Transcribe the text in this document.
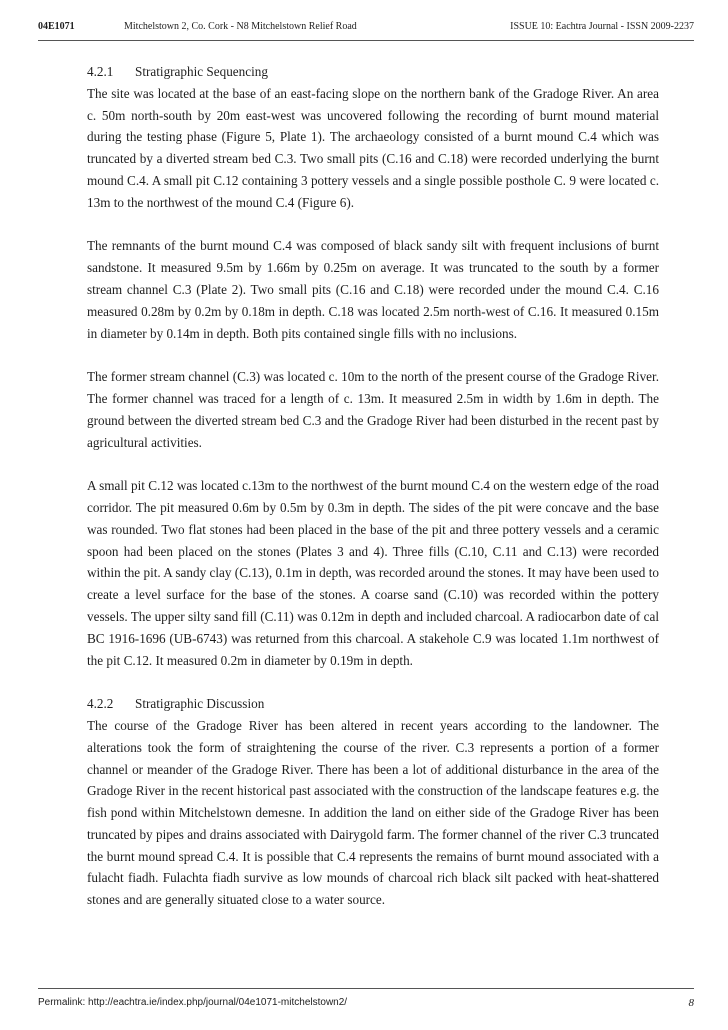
04E1071	Mitchelstown 2, Co. Cork - N8 Mitchelstown Relief Road	ISSUE 10: Eachtra Journal - ISSN 2009-2237
4.2.1 Stratigraphic Sequencing

The site was located at the base of an east-facing slope on the northern bank of the Gradoge River. An area c. 50m north-south by 20m east-west was uncovered following the recording of burnt mound material during the testing phase (Figure 5, Plate 1). The archaeology consisted of a burnt mound C.4 which was truncated by a diverted stream bed C.3. Two small pits (C.16 and C.18) were recorded underlying the burnt mound C.4. A small pit C.12 containing 3 pottery vessels and a single possible posthole C. 9 were located c. 13m to the northwest of the mound C.4 (Figure 6).

The remnants of the burnt mound C.4 was composed of black sandy silt with frequent inclusions of burnt sandstone. It measured 9.5m by 1.66m by 0.25m on average. It was truncated to the south by a former stream channel C.3 (Plate 2). Two small pits (C.16 and C.18) were recorded under the mound C.4. C.16 measured 0.28m by 0.2m by 0.18m in depth. C.18 was located 2.5m north-west of C.16. It measured 0.15m in diameter by 0.14m in depth. Both pits contained single fills with no inclusions.

The former stream channel (C.3) was located c. 10m to the north of the present course of the Gradoge River. The former channel was traced for a length of c. 13m. It measured 2.5m in width by 1.6m in depth. The ground between the diverted stream bed C.3 and the Gradoge River had been disturbed in the recent past by agricultural activities.

A small pit C.12 was located c.13m to the northwest of the burnt mound C.4 on the western edge of the road corridor. The pit measured 0.6m by 0.5m by 0.3m in depth. The sides of the pit were concave and the base was rounded. Two flat stones had been placed in the base of the pit and three pottery vessels and a ceramic spoon had been placed on the stones (Plates 3 and 4). Three fills (C.10, C.11 and C.13) were recorded within the pit. A sandy clay (C.13), 0.1m in depth, was recorded around the stones. It may have been used to create a level surface for the base of the stones. A coarse sand (C.10) was recorded within the pottery vessels. The upper silty sand fill (C.11) was 0.12m in depth and included charcoal. A radiocarbon date of cal BC 1916-1696 (UB-6743) was returned from this charcoal. A stakehole C.9 was located 1.1m northwest of the pit C.12. It measured 0.2m in diameter by 0.19m in depth.

4.2.2 Stratigraphic Discussion

The course of the Gradoge River has been altered in recent years according to the landowner. The alterations took the form of straightening the course of the river. C.3 represents a portion of a former channel or meander of the Gradoge River. There has been a lot of additional disturbance in the area of the Gradoge River in the recent historical past associated with the construction of the landscape features e.g. the fish pond within Mitchelstown demesne. In addition the land on either side of the Gradoge River has been truncated by pipes and drains associated with Dairygold farm. The former channel of the river C.3 truncated the burnt mound spread C.4. It is possible that C.4 represents the remains of burnt mound associated with a fulacht fiadh. Fulachta fiadh survive as low mounds of charcoal rich black silt packed with heat-shattered stones and are generally situated close to a water source.

Permalink: http://eachtra.ie/index.php/journal/04e1071-mitchelstown2/	8
